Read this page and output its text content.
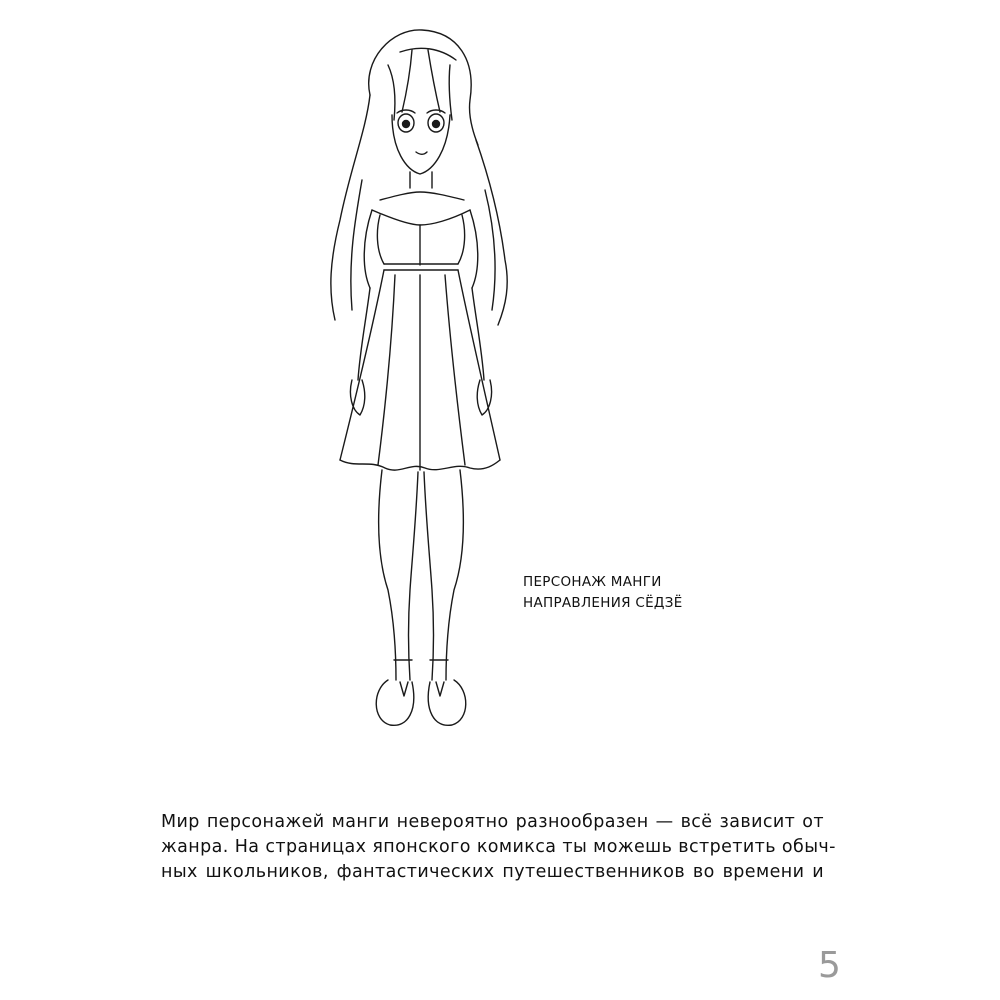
ПЕРСОНАЖ МАНГИ
НАПРАВЛЕНИЯ СЁДЗЁ
Мир персонажей манги невероятно разнообразен — всё зависит от
жанра. На страницах японского комикса ты можешь встретить обыч-
ных школьников, фантастических путешественников во времени и
5
